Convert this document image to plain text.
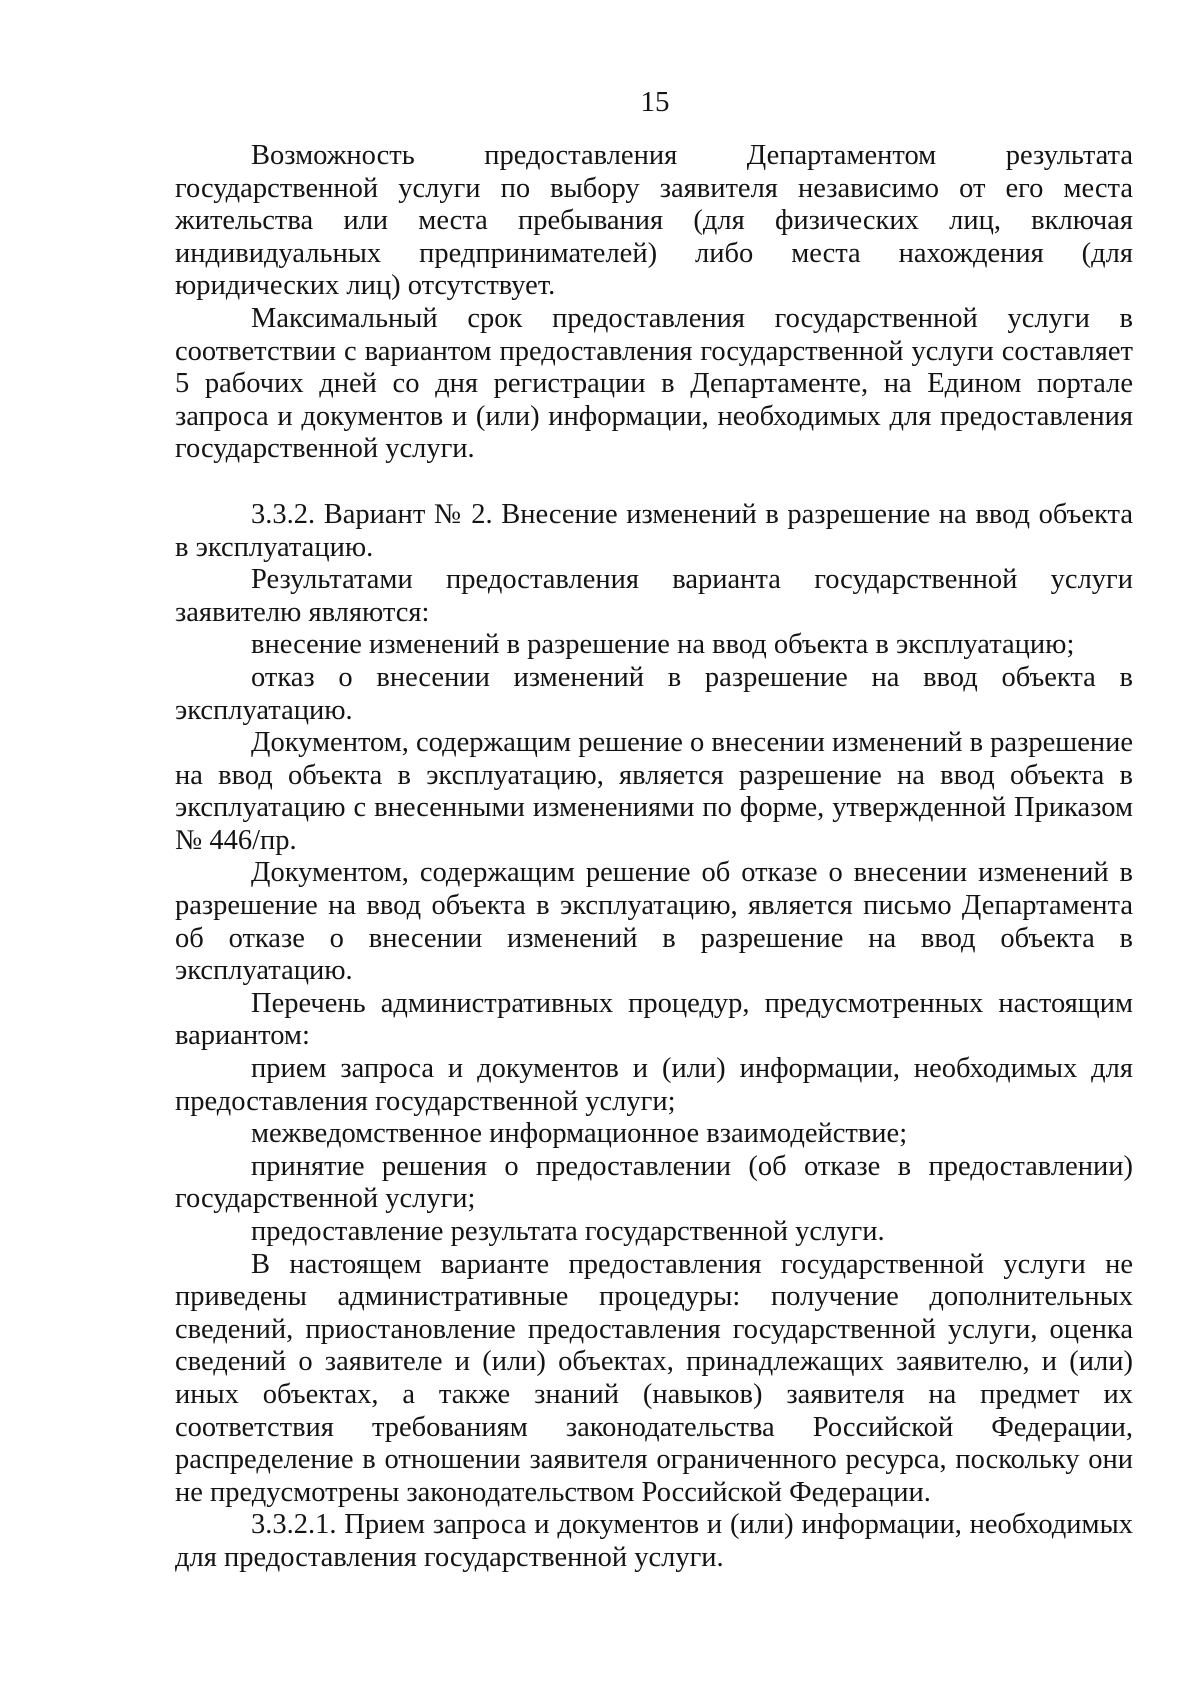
15

Возможность предоставления Департаментом результата государственной услуги по выбору заявителя независимо от его места жительства или места пребывания (для физических лиц, включая индивидуальных предпринимателей) либо места нахождения (для юридических лиц) отсутствует.

Максимальный срок предоставления государственной услуги в соответствии с вариантом предоставления государственной услуги составляет 5 рабочих дней со дня регистрации в Департаменте, на Едином портале запроса и документов и (или) информации, необходимых для предоставления государственной услуги.

3.3.2. Вариант № 2. Внесение изменений в разрешение на ввод объекта в эксплуатацию.

Результатами предоставления варианта государственной услуги заявителю являются:

внесение изменений в разрешение на ввод объекта в эксплуатацию;

отказ о внесении изменений в разрешение на ввод объекта в эксплуатацию.

Документом, содержащим решение о внесении изменений в разрешение на ввод объекта в эксплуатацию, является разрешение на ввод объекта в эксплуатацию с внесенными изменениями по форме, утвержденной Приказом № 446/пр.

Документом, содержащим решение об отказе о внесении изменений в разрешение на ввод объекта в эксплуатацию, является письмо Департамента об отказе о внесении изменений в разрешение на ввод объекта в эксплуатацию.

Перечень административных процедур, предусмотренных настоящим вариантом:

прием запроса и документов и (или) информации, необходимых для предоставления государственной услуги;

межведомственное информационное взаимодействие;

принятие решения о предоставлении (об отказе в предоставлении) государственной услуги;

предоставление результата государственной услуги.

В настоящем варианте предоставления государственной услуги не приведены административные процедуры: получение дополнительных сведений, приостановление предоставления государственной услуги, оценка сведений о заявителе и (или) объектах, принадлежащих заявителю, и (или) иных объектах, а также знаний (навыков) заявителя на предмет их соответствия требованиям законодательства Российской Федерации, распределение в отношении заявителя ограниченного ресурса, поскольку они не предусмотрены законодательством Российской Федерации.

3.3.2.1. Прием запроса и документов и (или) информации, необходимых для предоставления государственной услуги.
